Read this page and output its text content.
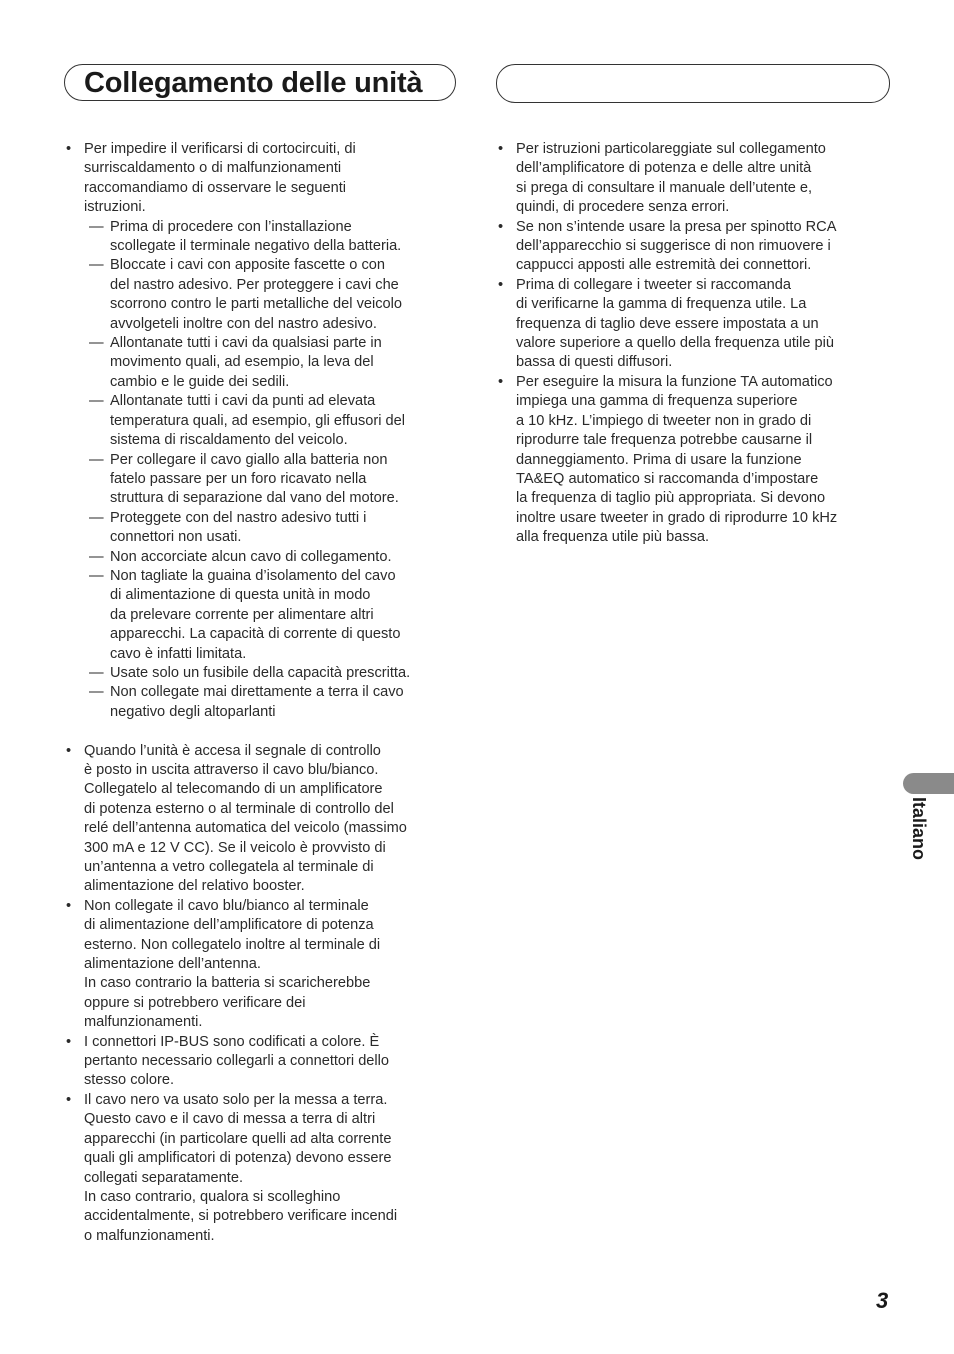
Collegamento delle unità
• Per impedire il verificarsi di cortocircuiti, di
surriscaldamento o di malfunzionamenti
raccomandiamo di osservare le seguenti
istruzioni.
— Prima di procedere con l’installazione
scollegate il terminale negativo della batteria.
— Bloccate i cavi con apposite fascette o con
del nastro adesivo. Per proteggere i cavi che
scorrono contro le parti metalliche del veicolo
avvolgeteli inoltre con del nastro adesivo.
— Allontanate tutti i cavi da qualsiasi parte in
movimento quali, ad esempio, la leva del
cambio e le guide dei sedili.
— Allontanate tutti i cavi da punti ad elevata
temperatura quali, ad esempio, gli effusori del
sistema di riscaldamento del veicolo.
— Per collegare il cavo giallo alla batteria non
fatelo passare per un foro ricavato nella
struttura di separazione dal vano del motore.
— Proteggete con del nastro adesivo tutti i
connettori non usati.
— Non accorciate alcun cavo di collegamento.
— Non tagliate la guaina d’isolamento del cavo
di alimentazione di questa unità in modo
da prelevare corrente per alimentare altri
apparecchi. La capacità di corrente di questo
cavo è infatti limitata.
— Usate solo un fusibile della capacità prescritta.
— Non collegate mai direttamente a terra il cavo
negativo degli altoparlanti
• Quando l’unità è accesa il segnale di controllo
è posto in uscita attraverso il cavo blu/bianco.
Collegatelo al telecomando di un amplificatore
di potenza esterno o al terminale di controllo del
relé dell’antenna automatica del veicolo (massimo
300 mA e 12 V CC). Se il veicolo è provvisto di
un’antenna a vetro collegatela al terminale di
alimentazione del relativo booster.
• Non collegate il cavo blu/bianco al terminale
di alimentazione dell’amplificatore di potenza
esterno. Non collegatelo inoltre al terminale di
alimentazione dell’antenna.
In caso contrario la batteria si scaricherebbe
oppure si potrebbero verificare dei
malfunzionamenti.
• I connettori IP-BUS sono codificati a colore. È
pertanto necessario collegarli a connettori dello
stesso colore.
• Il cavo nero va usato solo per la messa a terra.
Questo cavo e il cavo di messa a terra di altri
apparecchi (in particolare quelli ad alta corrente
quali gli amplificatori di potenza) devono essere
collegati separatamente.
In caso contrario, qualora si scolleghino
accidentalmente, si potrebbero verificare incendi
o malfunzionamenti.
• Per istruzioni particolareggiate sul collegamento
dell’amplificatore di potenza e delle altre unità
si prega di consultare il manuale dell’utente e,
quindi, di procedere senza errori.
• Se non s’intende usare la presa per spinotto RCA
dell’apparecchio si suggerisce di non rimuovere i
cappucci apposti alle estremità dei connettori.
• Prima di collegare i tweeter si raccomanda
di verificarne la gamma di frequenza utile. La
frequenza di taglio deve essere impostata a un
valore superiore a quello della frequenza utile più
bassa di questi diffusori.
• Per eseguire la misura la funzione TA automatico
impiega una gamma di frequenza superiore
a 10 kHz. L’impiego di tweeter non in grado di
riprodurre tale frequenza potrebbe causarne il
danneggiamento. Prima di usare la funzione
TA&EQ automatico si raccomanda d’impostare
la frequenza di taglio più appropriata. Si devono
inoltre usare tweeter in grado di riprodurre 10 kHz
alla frequenza utile più bassa.
Italiano
3
